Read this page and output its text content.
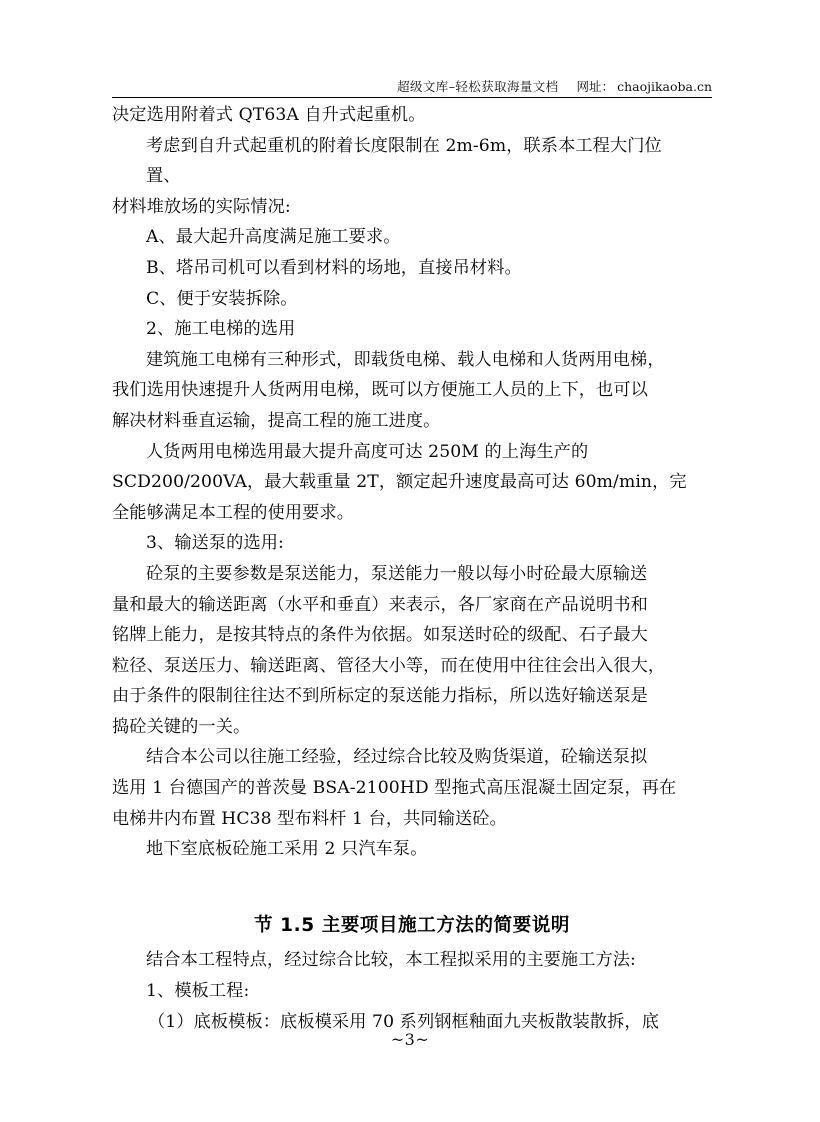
超级文库–轻松获取海量文档 网址： chaojikaoba.cn
决定选用附着式 QT63A 自升式起重机。
考虑到自升式起重机的附着长度限制在 2m-6m，联系本工程大门位
置、
材料堆放场的实际情况:
A、最大起升高度满足施工要求。
B、塔吊司机可以看到材料的场地，直接吊材料。
C、便于安装拆除。
2、施工电梯的选用
建筑施工电梯有三种形式，即载货电梯、载人电梯和人货两用电梯，
我们选用快速提升人货两用电梯，既可以方便施工人员的上下，也可以
解决材料垂直运输，提高工程的施工进度。
人货两用电梯选用最大提升高度可达 250M 的上海生产的
SCD200/200VA，最大载重量 2T，额定起升速度最高可达 60m/min，完
全能够满足本工程的使用要求。
3、输送泵的选用:
砼泵的主要参数是泵送能力，泵送能力一般以每小时砼最大原输送
量和最大的输送距离（水平和垂直）来表示，各厂家商在产品说明书和
铭牌上能力，是按其特点的条件为依据。如泵送时砼的级配、石子最大
粒径、泵送压力、输送距离、管径大小等，而在使用中往往会出入很大，
由于条件的限制往往达不到所标定的泵送能力指标，所以选好输送泵是
捣砼关键的一关。
结合本公司以往施工经验，经过综合比较及购货渠道，砼输送泵拟
选用 1 台德国产的普茨曼 BSA-2100HD 型拖式高压混凝土固定泵，再在
电梯井内布置 HC38 型布料杆 1 台，共同输送砼。
地下室底板砼施工采用 2 只汽车泵。
节 1.5 主要项目施工方法的简要说明
结合本工程特点，经过综合比较，本工程拟采用的主要施工方法:
1、模板工程:
（1）底板模板：底板模采用 70 系列钢框釉面九夹板散装散拆，底
~3~
